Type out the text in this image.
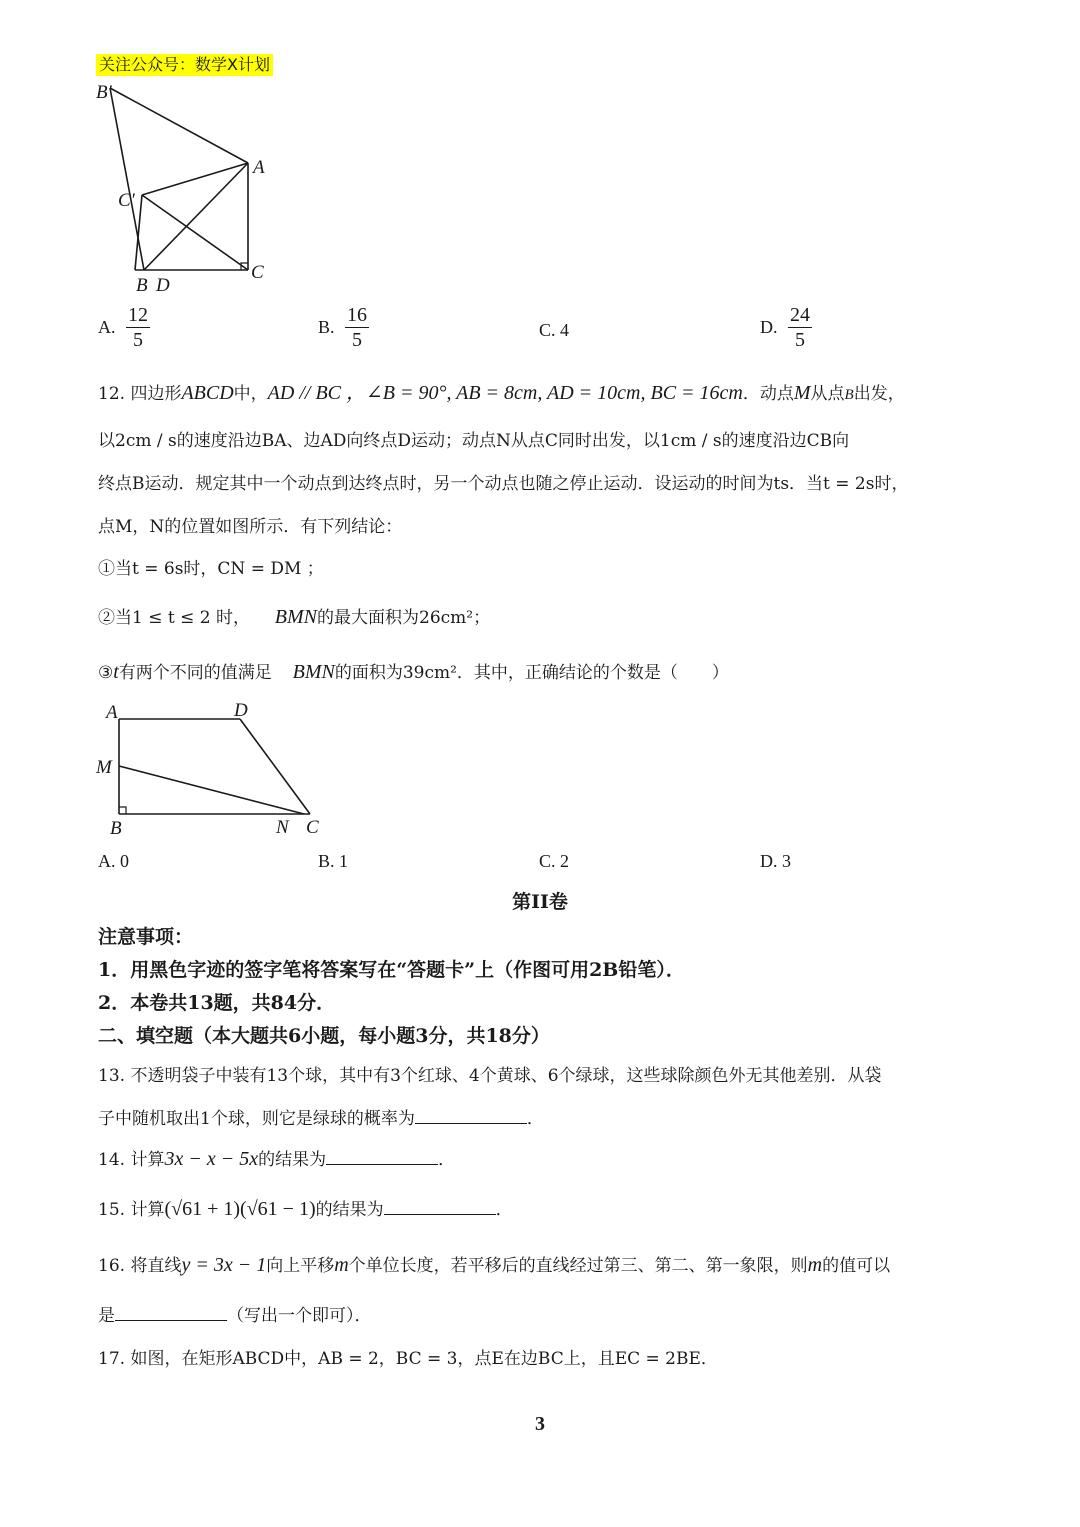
关注公众号：数学X计划
B′
A
C′
B D
C
A. $\frac{12}{5}$	B. $\frac{16}{5}$	C. 4	D. $\frac{24}{5}$
12. 四边形ABCD中，AD // BC ，∠B = 90°, AB = 8cm, AD = 10cm, BC = 16cm．动点M从点B出发，
以2cm / s的速度沿边BA、边AD向终点D运动；动点N从点C同时出发，以1cm / s的速度沿边CB向
终点B运动．规定其中一个动点到达终点时，另一个动点也随之停止运动．设运动的时间为ts．当t = 2s时，
点M，N的位置如图所示．有下列结论：
①当t = 6s时，CN = DM ；
②当1 ≤ t ≤ 2 时， BMN的最大面积为26cm²；
③t有两个不同的值满足 BMN的面积为39cm²．其中，正确结论的个数是（　　）
A	D
M
B	N C
A. 0	B. 1	C. 2	D. 3
第II卷
注意事项：
1．用黑色字迹的签字笔将答案写在“答题卡”上（作图可用2B铅笔）．
2．本卷共13题，共84分．
二、填空题（本大题共6小题，每小题3分，共18分）
13. 不透明袋子中装有13个球，其中有3个红球、4个黄球、6个绿球，这些球除颜色外无其他差别．从袋
子中随机取出1个球，则它是绿球的概率为	．
14. 计算3x − x − 5x的结果为	．
15. 计算(√61 + 1)(√61 − 1)的结果为	．
16. 将直线y = 3x − 1向上平移m个单位长度，若平移后的直线经过第三、第二、第一象限，则m的值可以
是	（写出一个即可）．
17. 如图，在矩形ABCD中，AB = 2，BC = 3，点E在边BC上，且EC = 2BE．
3
